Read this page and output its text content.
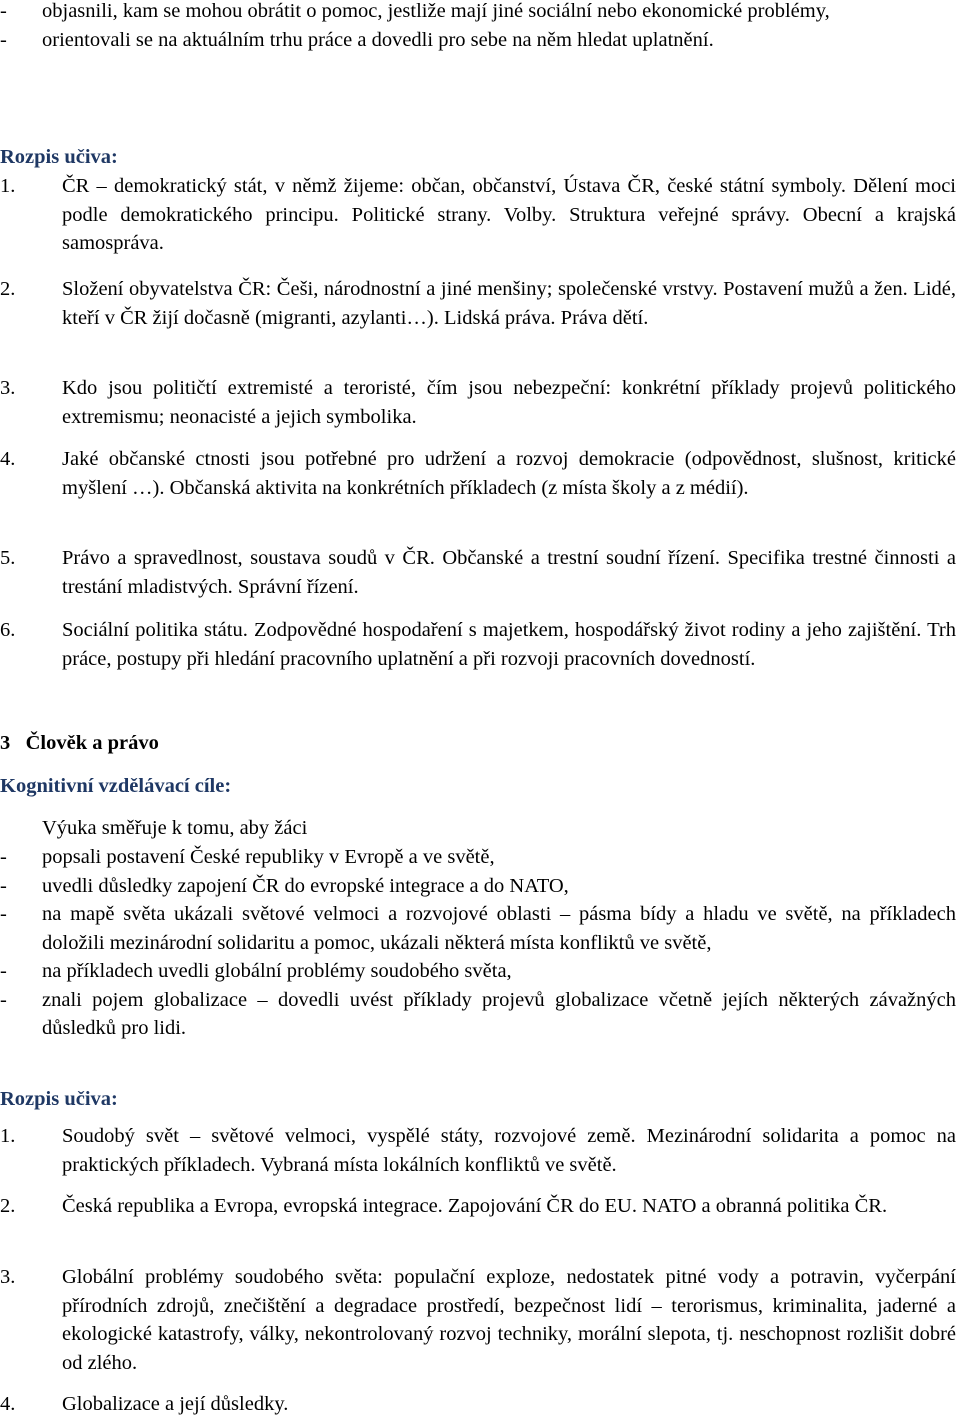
- objasnili, kam se mohou obrátit o pomoc, jestliže mají jiné sociální nebo ekonomické problémy,

- orientovali se na aktuálním trhu práce a dovedli pro sebe na něm hledat uplatnění.

Rozpis učiva:

1. ČR – demokratický stát, v němž žijeme: občan, občanství, Ústava ČR, české státní symboly. Dělení moci podle demokratického principu. Politické strany. Volby. Struktura veřejné správy. Obecní a krajská samospráva.

2. Složení obyvatelstva ČR: Češi, národnostní a jiné menšiny; společenské vrstvy. Postavení mužů a žen. Lidé, kteří v ČR žijí dočasně (migranti, azylanti…). Lidská práva. Práva dětí.

3. Kdo jsou političtí extremisté a teroristé, čím jsou nebezpeční: konkrétní příklady projevů politického extremismu; neonacisté a jejich symbolika.

4. Jaké občanské ctnosti jsou potřebné pro udržení a rozvoj demokracie (odpovědnost, slušnost, kritické myšlení …). Občanská aktivita na konkrétních příkladech (z místa školy a z médií).

5. Právo a spravedlnost, soustava soudů v ČR. Občanské a trestní soudní řízení. Specifika trestné činnosti a trestání mladistvých. Správní řízení.

6. Sociální politika státu. Zodpovědné hospodaření s majetkem, hospodářský život rodiny a jeho zajištění. Trh práce, postupy při hledání pracovního uplatnění a při rozvoji pracovních dovedností.

3   Člověk a právo
Kognitivní vzdělávací cíle:
Výuka směřuje k tomu, aby žáci

- popsali postavení České republiky v Evropě a ve světě,

- uvedli důsledky zapojení ČR do evropské integrace a do NATO,

- na mapě světa ukázali světové velmoci a rozvojové oblasti – pásma bídy a hladu ve světě, na příkladech doložili mezinárodní solidaritu a pomoc, ukázali některá místa konfliktů ve světě,

- na příkladech uvedli globální problémy soudobého světa,

- znali pojem globalizace – dovedli uvést příklady projevů globalizace včetně jejích některých závažných důsledků pro lidi.

Rozpis učiva:

1. Soudobý svět – světové velmoci, vyspělé státy, rozvojové země. Mezinárodní solidarita a pomoc na praktických příkladech. Vybraná místa lokálních konfliktů ve světě.

2. Česká republika a Evropa, evropská integrace. Zapojování ČR do EU. NATO a obranná politika ČR.

3. Globální problémy soudobého světa: populační exploze, nedostatek pitné vody a potravin, vyčerpání přírodních zdrojů, znečištění a degradace prostředí, bezpečnost lidí – terorismus, kriminalita, jaderné a ekologické katastrofy, války, nekontrolovaný rozvoj techniky, morální slepota, tj. neschopnost rozlišit dobré od zlého.

4. Globalizace a její důsledky.
